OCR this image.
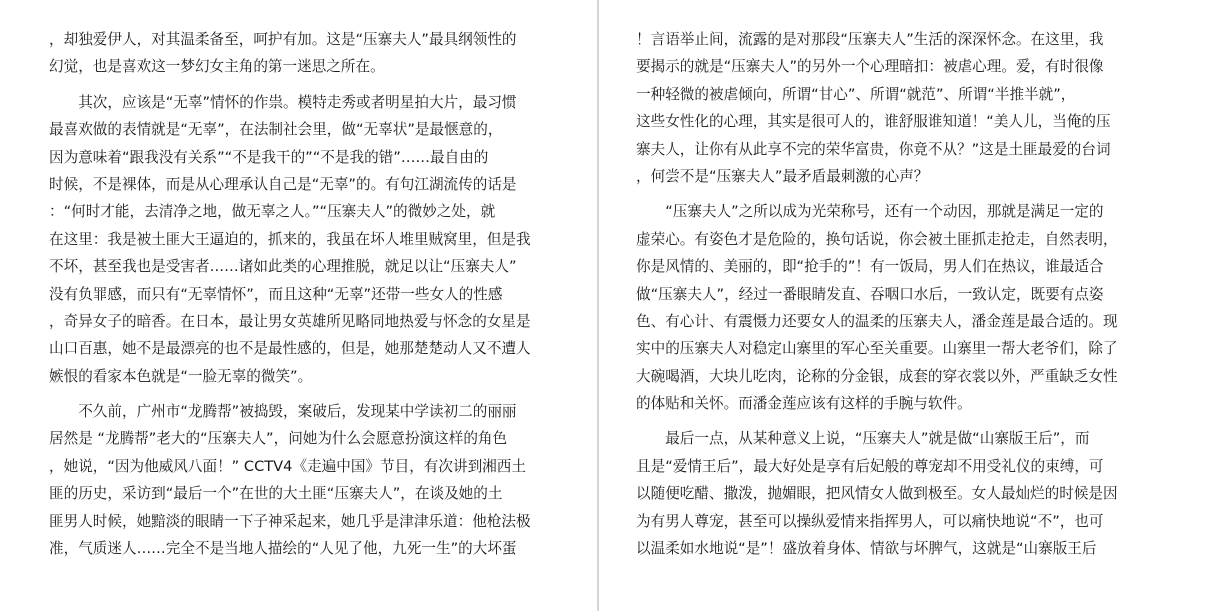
，却独爱伊人，对其温柔备至，呵护有加。这是“压寨夫人”最具纲领性的
幻觉，也是喜欢这一梦幻女主角的第一迷思之所在。
　　其次，应该是“无辜”情怀的作祟。模特走秀或者明星拍大片，最习惯
最喜欢做的表情就是“无辜”，在法制社会里，做“无辜状”是最惬意的，
因为意味着“跟我没有关系”“不是我干的”“不是我的错”……最自由的
时候，不是裸体，而是从心理承认自己是“无辜”的。有句江湖流传的话是
：“何时才能，去清净之地，做无辜之人。”“压寨夫人”的微妙之处，就
在这里：我是被土匪大王逼迫的，抓来的，我虽在坏人堆里贼窝里，但是我
不坏，甚至我也是受害者……诸如此类的心理推脱，就足以让“压寨夫人”
没有负罪感，而只有“无辜情怀”，而且这种“无辜”还带一些女人的性感
，奇异女子的暗香。在日本，最让男女英雄所见略同地热爱与怀念的女星是
山口百惠，她不是最漂亮的也不是最性感的，但是，她那楚楚动人又不遭人
嫉恨的看家本色就是“一脸无辜的微笑”。
　　不久前，广州市“龙腾帮”被捣毁，案破后，发现某中学读初二的丽丽
居然是 “龙腾帮”老大的“压寨夫人”，问她为什么会愿意扮演这样的角色
，她说，“因为他威风八面！” CCTV4《走遍中国》节目，有次讲到湘西土
匪的历史，采访到“最后一个”在世的大土匪“压寨夫人”，在谈及她的土
匪男人时候，她黯淡的眼睛一下子神采起来，她几乎是津津乐道：他枪法极
准，气质迷人……完全不是当地人描绘的“人见了他，九死一生”的大坏蛋
！言语举止间，流露的是对那段“压寨夫人”生活的深深怀念。在这里，我
要揭示的就是“压寨夫人”的另外一个心理暗扣：被虐心理。爱，有时很像
一种轻微的被虐倾向，所谓“甘心”、所谓“就范”、所谓“半推半就”，
这些女性化的心理，其实是很可人的，谁舒服谁知道！“美人儿，当俺的压
寨夫人，让你有从此享不完的荣华富贵，你竟不从？”这是土匪最爱的台词
，何尝不是“压寨夫人”最矛盾最刺激的心声？
　　“压寨夫人”之所以成为光荣称号，还有一个动因，那就是满足一定的
虚荣心。有姿色才是危险的，换句话说，你会被土匪抓走抢走，自然表明，
你是风情的、美丽的，即“抢手的”！有一饭局，男人们在热议，谁最适合
做“压寨夫人”，经过一番眼睛发直、吞咽口水后，一致认定，既要有点姿
色、有心计、有震慑力还要女人的温柔的压寨夫人，潘金莲是最合适的。现
实中的压寨夫人对稳定山寨里的军心至关重要。山寨里一帮大老爷们，除了
大碗喝酒，大块儿吃肉，论称的分金银，成套的穿衣裳以外，严重缺乏女性
的体贴和关怀。而潘金莲应该有这样的手腕与软件。
　　最后一点，从某种意义上说，“压寨夫人”就是做“山寨版王后”，而
且是“爱情王后”，最大好处是享有后妃般的尊宠却不用受礼仪的束缚，可
以随便吃醋、撒泼，抛媚眼，把风情女人做到极至。女人最灿烂的时候是因
为有男人尊宠，甚至可以操纵爱情来指挥男人，可以痛快地说“不”，也可
以温柔如水地说“是”！盛放着身体、情欲与坏脾气，这就是“山寨版王后
